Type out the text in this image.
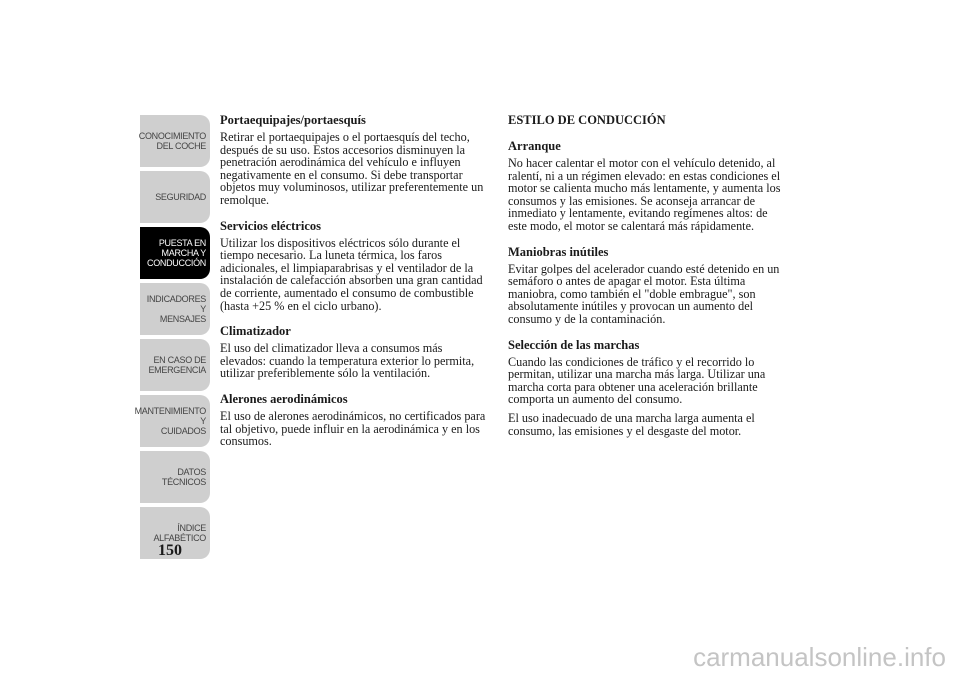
CONOCIMIENTO
DEL COCHE
SEGURIDAD
PUESTA EN
MARCHA Y
CONDUCCIÓN
INDICADORES Y
MENSAJES
EN CASO DE
EMERGENCIA
MANTENIMIENTO Y
CUIDADOS
DATOS TÉCNICOS
ÍNDICE
ALFABÉTICO
150
Portaequipajes/portaesquís

Retirar el portaequipajes o el portaesquís del techo, después de su uso. Estos accesorios disminuyen la penetración aerodinámica del vehículo e influyen negativamente en el consumo. Si debe transportar objetos muy voluminosos, utilizar preferentemente un remolque.

Servicios eléctricos

Utilizar los dispositivos eléctricos sólo durante el tiempo necesario. La luneta térmica, los faros adicionales, el limpiaparabrisas y el ventilador de la instalación de calefacción absorben una gran cantidad de corriente, aumentado el consumo de combustible (hasta +25 % en el ciclo urbano).

Climatizador

El uso del climatizador lleva a consumos más elevados: cuando la temperatura exterior lo permita, utilizar preferiblemente sólo la ventilación.

Alerones aerodinámicos

El uso de alerones aerodinámicos, no certificados para tal objetivo, puede influir en la aerodinámica y en los consumos.

ESTILO DE CONDUCCIÓN
Arranque

No hacer calentar el motor con el vehículo detenido, al ralentí, ni a un régimen elevado: en estas condiciones el motor se calienta mucho más lentamente, y aumenta los consumos y las emisiones. Se aconseja arrancar de inmediato y lentamente, evitando regímenes altos: de este modo, el motor se calentará más rápidamente.

Maniobras inútiles

Evitar golpes del acelerador cuando esté detenido en un semáforo o antes de apagar el motor. Esta última maniobra, como también el "doble embrague", son absolutamente inútiles y provocan un aumento del consumo y de la contaminación.

Selección de las marchas

Cuando las condiciones de tráfico y el recorrido lo permitan, utilizar una marcha más larga. Utilizar una marcha corta para obtener una aceleración brillante comporta un aumento del consumo.

El uso inadecuado de una marcha larga aumenta el consumo, las emisiones y el desgaste del motor.

carmanualsonline.info
